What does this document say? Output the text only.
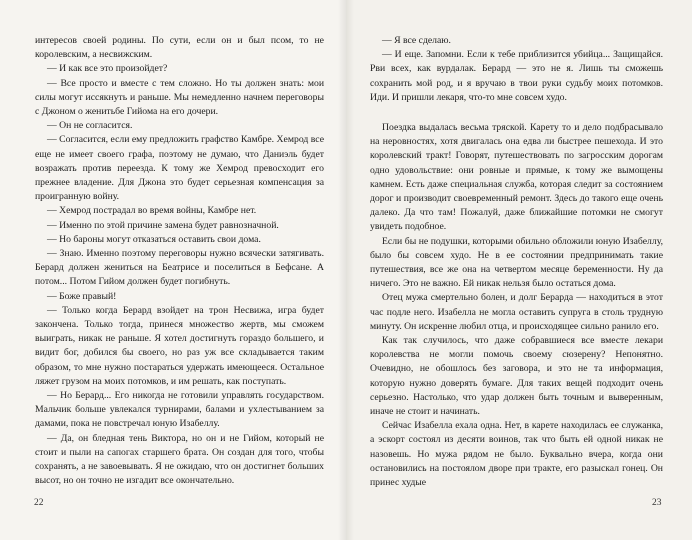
интересов своей родины. По сути, если он и был псом, то не королевским, а несвижским.

— И как все это произойдет?

— Все просто и вместе с тем сложно. Но ты должен знать: мои силы могут иссякнуть и раньше. Мы немедленно начнем переговоры с Джоном о женитьбе Гийома на его дочери.

— Он не согласится.

— Согласится, если ему предложить графство Камбре. Хемрод все еще не имеет своего графа, поэтому не думаю, что Даниэль будет возражать против переезда. К тому же Хемрод превосходит его прежнее владение. Для Джона это будет серьезная компенсация за проигранную войну.

— Хемрод пострадал во время войны, Камбре нет.

— Именно по этой причине замена будет равнозначной.

— Но бароны могут отказаться оставить свои дома.

— Знаю. Именно поэтому переговоры нужно всячески затягивать. Берард должен жениться на Беатрисе и поселиться в Бефсане. А потом... Потом Гийом должен будет погибнуть.

— Боже правый!

— Только когда Берард взойдет на трон Несвижа, игра будет закончена. Только тогда, принеся множество жертв, мы сможем выиграть, никак не раньше. Я хотел достигнуть гораздо большего, и видит бог, добился бы своего, но раз уж все складывается таким образом, то мне нужно постараться удержать имеющееся. Остальное ляжет грузом на моих потомков, и им решать, как поступать.

— Но Берард... Его никогда не готовили управлять государством. Мальчик больше увлекался турнирами, балами и ухлестыванием за дамами, пока не повстречал юную Изабеллу.

— Да, он бледная тень Виктора, но он и не Гийом, который не стоит и пыли на сапогах старшего брата. Он создан для того, чтобы сохранять, а не завоевывать. Я не ожидаю, что он достигнет больших высот, но он точно не изгадит все окончательно.

— Я все сделаю.

— И еще. Запомни. Если к тебе приблизится убийца... Защищайся. Рви всех, как вурдалак. Берард — это не я. Лишь ты сможешь сохранить мой род, и я вручаю в твои руки судьбу моих потомков. Иди. И пришли лекаря, что-то мне совсем худо.

Поездка выдалась весьма тряской. Карету то и дело подбрасывало на неровностях, хотя двигалась она едва ли быстрее пешехода. И это королевский тракт! Говорят, путешествовать по загросским дорогам одно удовольствие: они ровные и прямые, к тому же вымощены камнем. Есть даже специальная служба, которая следит за состоянием дорог и производит своевременный ремонт. Здесь до такого еще очень далеко. Да что там! Пожалуй, даже ближайшие потомки не смогут увидеть подобное.

Если бы не подушки, которыми обильно обложили юную Изабеллу, было бы совсем худо. Не в ее состоянии предпринимать такие путешествия, все же она на четвертом месяце беременности. Ну да ничего. Это не важно. Ей никак нельзя было остаться дома.

Отец мужа смертельно болен, и долг Берарда — находиться в этот час подле него. Изабелла не могла оставить супруга в столь трудную минуту. Он искренне любил отца, и происходящее сильно ранило его.

Как так случилось, что даже собравшиеся все вместе лекари королевства не могли помочь своему сюзерену? Непонятно. Очевидно, не обошлось без заговора, и это не та информация, которую нужно доверять бумаге. Для таких вещей подходит очень серьезно. Настолько, что удар должен быть точным и выверенным, иначе не стоит и начинать.

Сейчас Изабелла ехала одна. Нет, в карете находилась ее служанка, а эскорт состоял из десяти воинов, так что быть ей одной никак не назовешь. Но мужа рядом не было. Буквально вчера, когда они остановились на постоялом дворе при тракте, его разыскал гонец. Он принес худые

22	23
